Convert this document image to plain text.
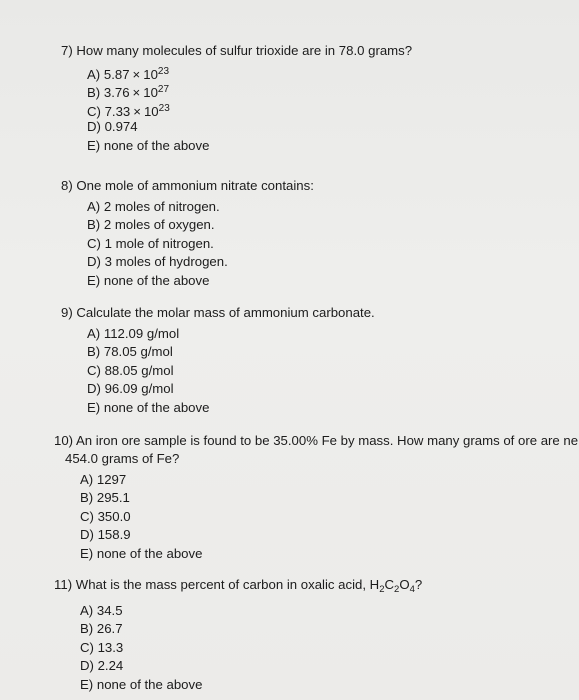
7) How many molecules of sulfur trioxide are in 78.0 grams?
A) $5.87 \times 10^{23}$
B) $3.76 \times 10^{27}$
C) $7.33 \times 10^{23}$
D) 0.974
E) none of the above
8) One mole of ammonium nitrate contains:
A) 2 moles of nitrogen.
B) 2 moles of oxygen.
C) 1 mole of nitrogen.
D) 3 moles of hydrogen.
E) none of the above
9) Calculate the molar mass of ammonium carbonate.
A) 112.09 g/mol
B) 78.05 g/mol
C) 88.05 g/mol
D) 96.09 g/mol
E) none of the above
10) An iron ore sample is found to be 35.00% Fe by mass. How many grams of ore are ne
454.0 grams of Fe?
A) 1297
B) 295.1
C) 350.0
D) 158.9
E) none of the above
11) What is the mass percent of carbon in oxalic acid, $H_2C_2O_4$?
A) 34.5
B) 26.7
C) 13.3
D) 2.24
E) none of the above
